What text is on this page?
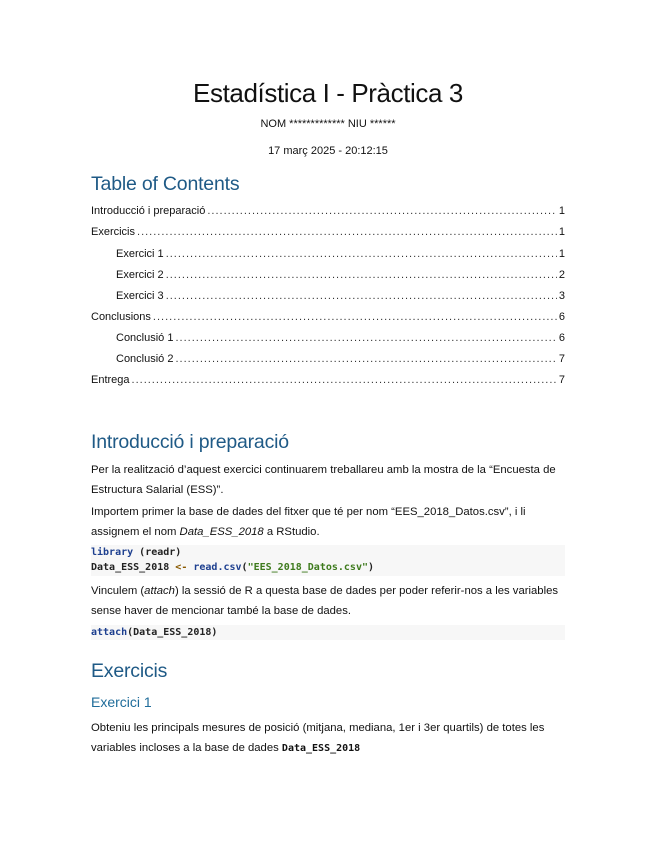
Estadística I - Pràctica 3
NOM ************* NIU ******
17 març 2025 - 20:12:15
Table of Contents
Introducció i preparació .....	1
Exercicis .....	1
Exercici 1 .....	1
Exercici 2 .....	2
Exercici 3 .....	3
Conclusions .....	6
Conclusió 1 .....	6
Conclusió 2 .....	7
Entrega .....	7
Introducció i preparació
Per la realització d’aquest exercici continuarem treballareu amb la mostra de la “Encuesta de Estructura Salarial (ESS)”.
Importem primer la base de dades del fitxer que té per nom “EES_2018_Datos.csv”, i li assignem el nom Data_ESS_2018 a RStudio.
library (readr)
Data_ESS_2018 <- read.csv("EES_2018_Datos.csv")
Vinculem (attach) la sessió de R a questa base de dades per poder referir-nos a les variables sense haver de mencionar també la base de dades.
attach(Data_ESS_2018)
Exercicis
Exercici 1
Obteniu les principals mesures de posició (mitjana, mediana, 1er i 3er quartils) de totes les variables incloses a la base de dades Data_ESS_2018
